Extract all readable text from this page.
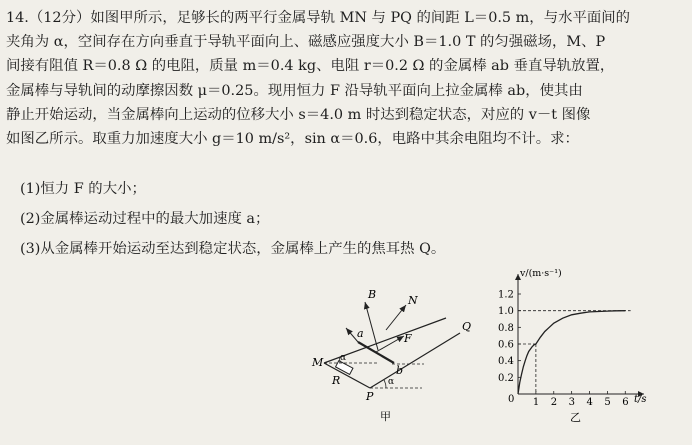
14.（12分）如图甲所示，足够长的两平行金属导轨 MN 与 PQ 的间距 L＝0.5 m，与水平面间的
夹角为 α，空间存在方向垂直于导轨平面向上、磁感应强度大小 B＝1.0 T 的匀强磁场，M、P
间接有阻值 R＝0.8 Ω 的电阻，质量 m＝0.4 kg、电阻 r＝0.2 Ω 的金属棒 ab 垂直导轨放置，
金属棒与导轨间的动摩擦因数 μ＝0.25。现用恒力 F 沿导轨平面向上拉金属棒 ab，使其由
静止开始运动，当金属棒向上运动的位移大小 s＝4.0 m 时达到稳定状态，对应的 v－t 图像
如图乙所示。取重力加速度大小 g＝10 m/s²，sin α＝0.6，电路中其余电阻均不计。求：
(1)恒力 F 的大小；
(2)金属棒运动过程中的最大加速度 a；
(3)从金属棒开始运动至达到稳定状态，金属棒上产生的焦耳热 Q。
B	N
a	F
Q
M α
b
R
P
α
甲
1 2 3 4 5 6
0.2
0.4
0.6
0.8
1.0
1.2
v/(m·s⁻¹)
t/s
0
乙
